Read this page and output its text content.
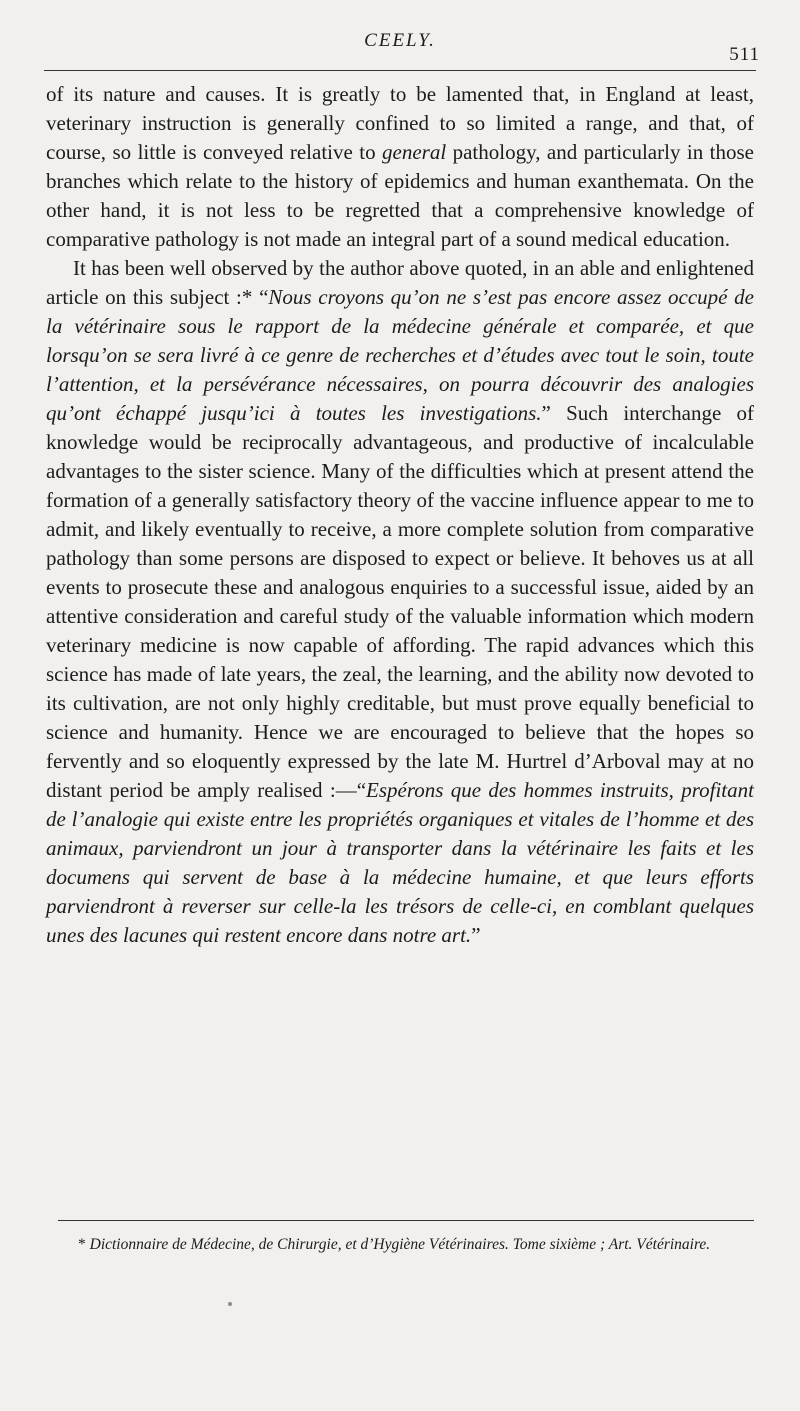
CEELY.
511

of its nature and causes. It is greatly to be lamented that, in England at least, veterinary instruction is generally confined to so limited a range, and that, of course, so little is conveyed relative to general pathology, and particularly in those branches which relate to the history of epidemics and human exanthemata. On the other hand, it is not less to be regretted that a comprehensive knowledge of comparative pathology is not made an integral part of a sound medical education.

It has been well observed by the author above quoted, in an able and enlightened article on this subject :* “Nous croyons qu’on ne s’est pas encore assez occupé de la vétérinaire sous le rapport de la médecine générale et comparée, et que lorsqu’on se sera livré à ce genre de recherches et d’études avec tout le soin, toute l’attention, et la persévérance nécessaires, on pourra découvrir des analogies qu’ont échappé jusqu’ici à toutes les investigations.” Such interchange of knowledge would be reciprocally advantageous, and productive of incalculable advantages to the sister science. Many of the difficulties which at present attend the formation of a generally satisfactory theory of the vaccine influence appear to me to admit, and likely eventually to receive, a more complete solution from comparative pathology than some persons are disposed to expect or believe. It behoves us at all events to prosecute these and analogous enquiries to a successful issue, aided by an attentive consideration and careful study of the valuable information which modern veterinary medicine is now capable of affording. The rapid advances which this science has made of late years, the zeal, the learning, and the ability now devoted to its cultivation, are not only highly creditable, but must prove equally beneficial to science and humanity. Hence we are encouraged to believe that the hopes so fervently and so eloquently expressed by the late M. Hurtrel d’Arboval may at no distant period be amply realised :—“Espérons que des hommes instruits, profitant de l’analogie qui existe entre les propriétés organiques et vitales de l’homme et des animaux, parviendront un jour à transporter dans la vétérinaire les faits et les documens qui servent de base à la médecine humaine, et que leurs efforts parviendront à reverser sur celle-la les trésors de celle-ci, en comblant quelques unes des lacunes qui restent encore dans notre art.”

* Dictionnaire de Médecine, de Chirurgie, et d’Hygiène Vétérinaires. Tome sixième ; Art. Vétérinaire.
